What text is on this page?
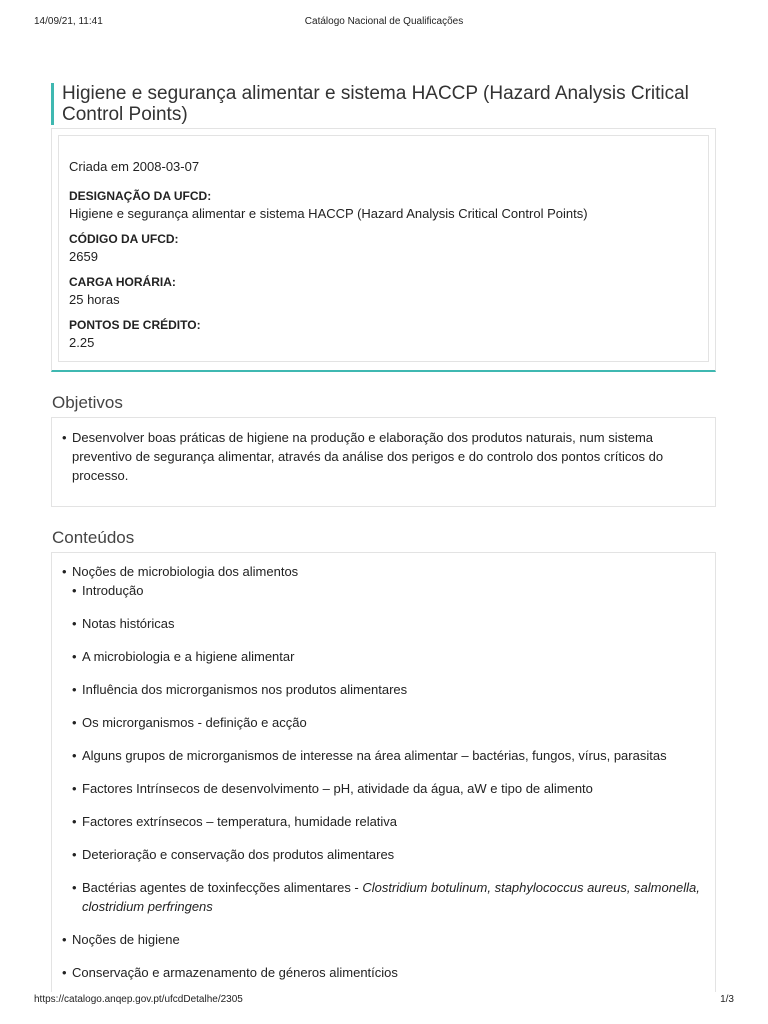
14/09/21, 11:41	Catálogo Nacional de Qualificações
Higiene e segurança alimentar e sistema HACCP (Hazard Analysis Critical Control Points)
Criada em 2008-03-07
DESIGNAÇÃO DA UFCD:
Higiene e segurança alimentar e sistema HACCP (Hazard Analysis Critical Control Points)
CÓDIGO DA UFCD:
2659
CARGA HORÁRIA:
25 horas
PONTOS DE CRÉDITO:
2.25
Objetivos
• Desenvolver boas práticas de higiene na produção e elaboração dos produtos naturais, num sistema preventivo de segurança alimentar, através da análise dos perigos e do controlo dos pontos críticos do processo.
Conteúdos
• Noções de microbiologia dos alimentos
• Introdução
• Notas históricas
• A microbiologia e a higiene alimentar
• Influência dos microrganismos nos produtos alimentares
• Os microrganismos - definição e acção
• Alguns grupos de microrganismos de interesse na área alimentar – bactérias, fungos, vírus, parasitas
• Factores Intrínsecos de desenvolvimento – pH, atividade da água, aW e tipo de alimento
• Factores extrínsecos – temperatura, humidade relativa
• Deterioração e conservação dos produtos alimentares
• Bactérias agentes de toxinfecções alimentares - Clostridium botulinum, staphylococcus aureus, salmonella, clostridium perfringens
• Noções de higiene
• Conservação e armazenamento de géneros alimentícios
https://catalogo.anqep.gov.pt/ufcdDetalhe/2305	1/3
